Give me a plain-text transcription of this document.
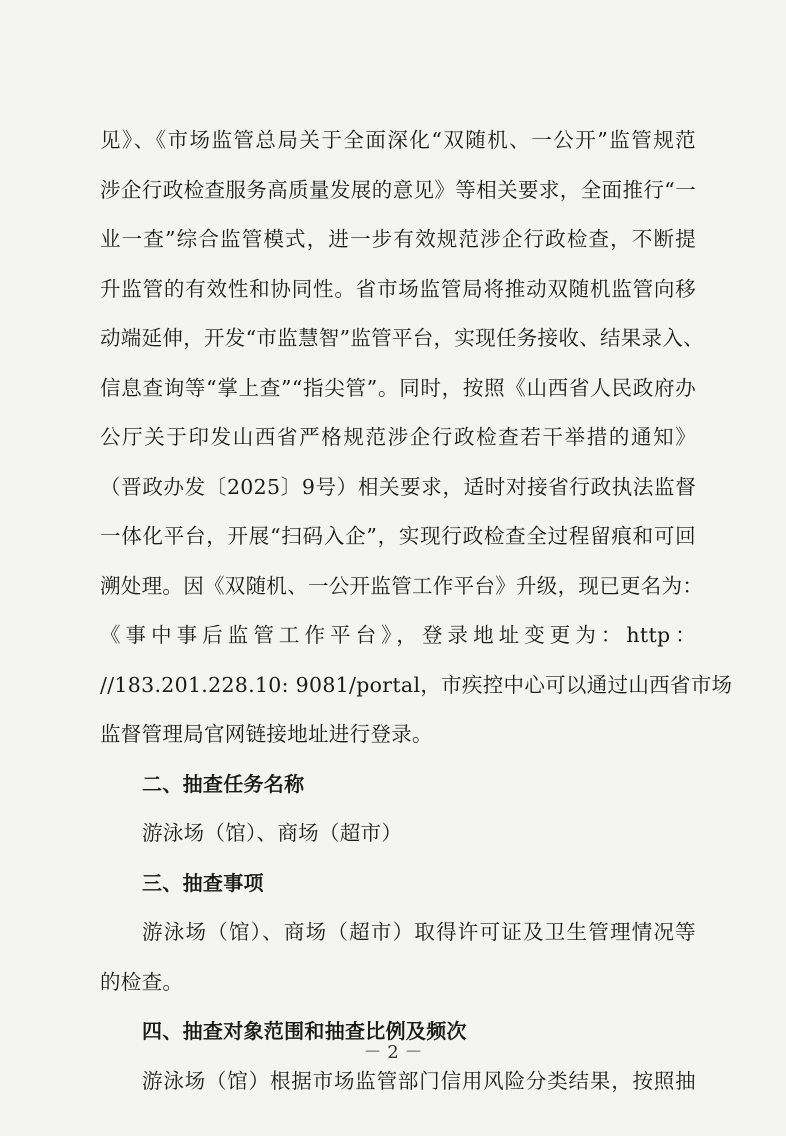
见》、《市场监管总局关于全面深化“双随机、一公开”监管规范
涉企行政检查服务高质量发展的意见》等相关要求，全面推行“一
业一查”综合监管模式，进一步有效规范涉企行政检查，不断提
升监管的有效性和协同性。省市场监管局将推动双随机监管向移
动端延伸，开发“市监慧智”监管平台，实现任务接收、结果录入、
信息查询等“掌上查”“指尖管”。同时，按照《山西省人民政府办
公厅关于印发山西省严格规范涉企行政检查若干举措的通知》
（晋政办发〔2025〕9号）相关要求，适时对接省行政执法监督
一体化平台，开展“扫码入企”，实现行政检查全过程留痕和可回
溯处理。因《双随机、一公开监管工作平台》升级，现已更名为：
《事中事后监管工作平台》，登录地址变更为：http：
//183.201.228.10: 9081/portal，市疾控中心可以通过山西省市场
监督管理局官网链接地址进行登录。
二、抽查任务名称
游泳场（馆）、商场（超市）
三、抽查事项
游泳场（馆）、商场（超市）取得许可证及卫生管理情况等
的检查。
四、抽查对象范围和抽查比例及频次
游泳场（馆）根据市场监管部门信用风险分类结果，按照抽
－ 2 －
